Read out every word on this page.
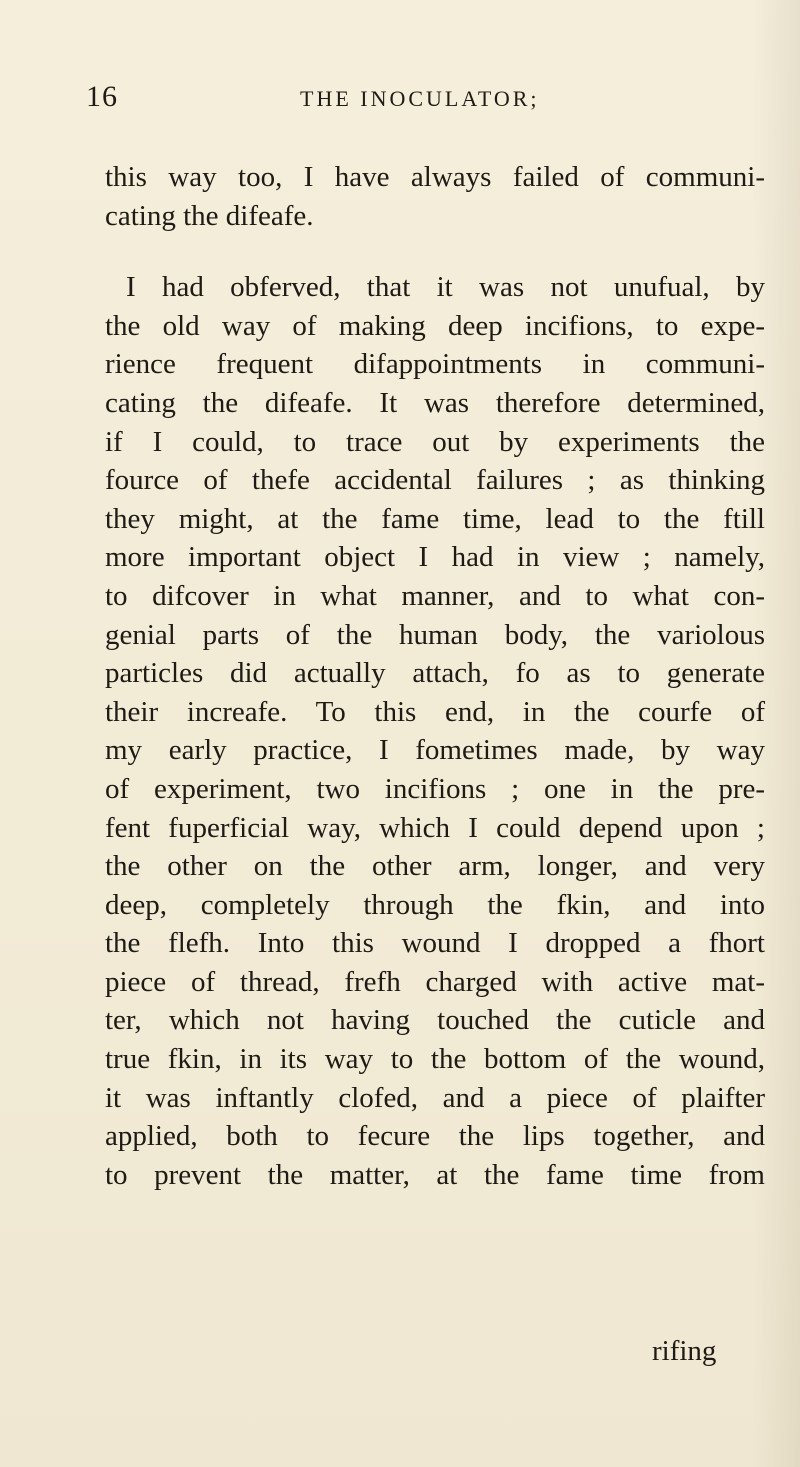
16	THE INOCULATOR;
this way too, I have always failed of communi-
cating the difeafe.
I had obferved, that it was not unufual, by
the old way of making deep incifions, to expe-
rience frequent difappointments in communi-
cating the difeafe. It was therefore determined,
if I could, to trace out by experiments the
fource of thefe accidental failures ; as thinking
they might, at the fame time, lead to the ftill
more important object I had in view ; namely,
to difcover in what manner, and to what con-
genial parts of the human body, the variolous
particles did actually attach, fo as to generate
their increafe. To this end, in the courfe of
my early practice, I fometimes made, by way
of experiment, two incifions ; one in the pre-
fent fuperficial way, which I could depend upon ;
the other on the other arm, longer, and very
deep, completely through the fkin, and into
the flefh. Into this wound I dropped a fhort
piece of thread, frefh charged with active mat-
ter, which not having touched the cuticle and
true fkin, in its way to the bottom of the wound,
it was inftantly clofed, and a piece of plaifter
applied, both to fecure the lips together, and
to prevent the matter, at the fame time from
rifing
